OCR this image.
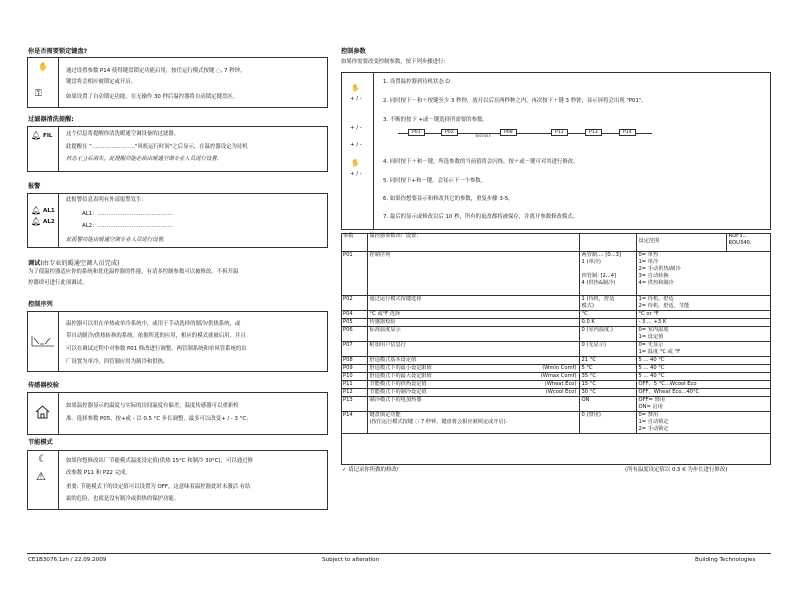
你是否需要锁定键盘?
✋
⚿
通过设置参数 P14 使得键盘锁定功能启用，按住运行模式按键 ◌, 7 秒钟，
键盘将会相应被锁定或开启。
如果设置了自动锁定功能，在无操作 30 秒后温控器将自动锁定键盘区。
过滤器清洗提醒:
🔔︎ FIL	这个信息将提醒你清洗暖通空调设备的过滤器。
此提醒在 "……………………"风机运行时间"之后显示，在温控器设定为待机
状态 (◌)后消失。此提醒功能必须由暖通空调专业人员进行设置.
报警
🔔︎ AL1
🔔︎ AL2
此报警信息表明有外部报警发生：
AL1：……………………………………
AL2：……………………………………
此报警功能由暖通空调专业人员进行设置.
调试(由专业的暖通空调人员完成)
为了使温控器适应你的系统和优化温控器的性能，有请多控制参数可以被修改。不拆开温
控器即可进行此项调试。
控制序列
温控器可以用在单热或单冷系统中，或用于手动选择的制冷/供热系统，或
带自动制冷/供热转换的系统。依据所选的应用，相应的模式就被启用，并且
可以在调试过程中对参数 P01 修改进行调整。两管制系统和单风管系统的出
厂设置为单冷，四管制应用为制冷和供热。
传感器校验
如果温控器显示的温度与实际的房间温度有偏差，温度传感器可以重新校
准。选择参数 P05，按+或 - 以 0.5 °C 步长调整，最多可以改变+ / - 3 °C。
节能模式
☾
⚠
如果你想修改出厂节能模式温度设定值(供热 15°C 和制冷 30°C)，可以通过修
改参数 P11 和 P22 完成。
重要: 节能模式下的设定值可以设置为 OFF，这意味着温控器此时未激活 有结
霜的危险，也就是没有制冷或供热的保护功能。
控制参数
如果你需要改变控制参数，按下列步骤进行:
+ / -
+ / -
+ / -
+ / -
✋
✋
1. 设置温控器到待机状态 ⏻
2. 同时按下－和＋按键至少 3 秒钟，放开以后在两秒种之内，再次按下＋键 3 秒钟，显示屏将会出现 "P01"。
3. 不断的按下 +或－键选择所需要的参数。
P01	P02
3007453
P08	P12	P13	P14
4. 同时按下＋和－键，所选参数的当前值将会闪烁，按＋或－键可对其进行修改。
5. 同时按下+和－键，会显示下一个参数。
6. 如果你想要显示和修改其它的参数，重复步骤 3-5。
7. 最后的显示或修改以后 10 秒，所有的更改都将被保存，并离开参数修改模式。
参数	温控器参数出厂设置：		设定范围	RDF3...
RDU340.

P01	控制序列	两管制...: [0...3]
1 (单冷)

四管制: [2...4]
4 (供热&制冷)	0= 单热
1= 单冷
2= 手动供热/制冷
3= 自动转换
4= 供热和制冷	
P02	通过运行模式按键选择	1 (待机，舒适
模式)	1= 待机，舒适
2= 待机，舒适，节能	
P04	°C 或°F 选择	°C	°C or °F	
P05	传感器校验	0.0 K	- 3 ... +3 K	
P06	标准温度显示	0 (室内温度.)	0= 室内温度
1= 设定值	
P07	附加用户信息行	0 (无显示)	0= 无显示
1= 温度 °C 或 °F	
P08	舒适模式基本设定值	21 °C	5 ... 40 °C	
P09	舒适模式下的最小设定限值 (Wmin Comf)	5 °C	5 ... 40 °C	
P10	舒适模式下的最大设定限值 (Wmax Comf)	35 °C	5 ... 40 °C	
P11	节能模式下的供热设定值 (Wheat Eco)	15 °C	OFF，5 °C...Wcool Eco	
P12	节能模式下的制冷设定值 (Wcool Eco)	30 °C	OFF，Wheat Eco...40°C	
P13	制冷模式下的电加热器	ON	OFF= 禁用
ON= 启用	
P14	键盘锁定功能
(按住运行模式按键 ◌ 7 秒钟，键盘将会相应被锁定或开启).	0 (禁用)	0= 禁用
1= 自动锁定
2= 手动锁定	
✓ 请记录你所做的修改!	(所有温度设定值以 0.5 K 为步长进行修改)
CE1B3076.1zh / 22.09.2009	Subject to alteration	Building Technologies
